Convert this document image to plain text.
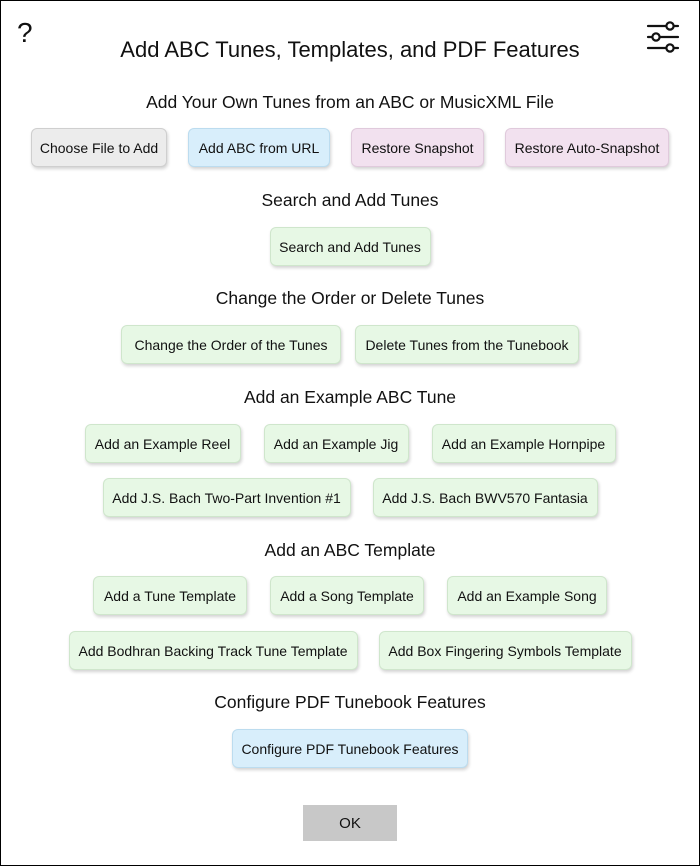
?
Add ABC Tunes, Templates, and PDF Features
Add Your Own Tunes from an ABC or MusicXML File
Choose File to Add	Add ABC from URL	Restore Snapshot	Restore Auto-Snapshot
Search and Add Tunes
Search and Add Tunes
Change the Order or Delete Tunes
Change the Order of the Tunes	Delete Tunes from the Tunebook
Add an Example ABC Tune
Add an Example Reel	Add an Example Jig	Add an Example Hornpipe
Add J.S. Bach Two-Part Invention #1	Add J.S. Bach BWV570 Fantasia
Add an ABC Template
Add a Tune Template	Add a Song Template	Add an Example Song
Add Bodhran Backing Track Tune Template	Add Box Fingering Symbols Template
Configure PDF Tunebook Features
Configure PDF Tunebook Features
OK
